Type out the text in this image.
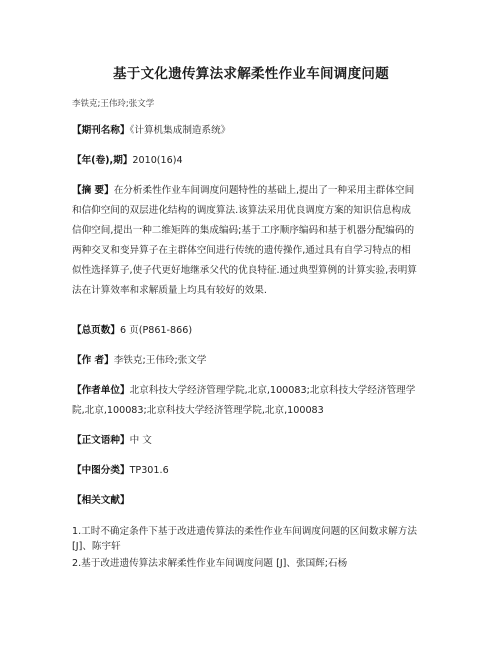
基于文化遗传算法求解柔性作业车间调度问题
李铁克;王伟玲;张文学
【期刊名称】《计算机集成制造系统》
【年(卷),期】2010(16)4
【摘 要】在分析柔性作业车间调度问题特性的基础上,提出了一种采用主群体空间
和信仰空间的双层进化结构的调度算法.该算法采用优良调度方案的知识信息构成
信仰空间,提出一种二维矩阵的集成编码;基于工序顺序编码和基于机器分配编码的
两种交叉和变异算子在主群体空间进行传统的遗传操作,通过具有自学习特点的相
似性选择算子,使子代更好地继承父代的优良特征.通过典型算例的计算实验,表明算
法在计算效率和求解质量上均具有较好的效果.
【总页数】6 页(P861-866)
【作 者】李铁克;王伟玲;张文学
【作者单位】北京科技大学经济管理学院,北京,100083;北京科技大学经济管理学
院,北京,100083;北京科技大学经济管理学院,北京,100083
【正文语种】中 文
【中图分类】TP301.6
【相关文献】
1.工时不确定条件下基于改进遗传算法的柔性作业车间调度问题的区间数求解方法
[J]、陈宇轩
2.基于改进遗传算法求解柔性作业车间调度问题 [J]、张国辉;石杨
